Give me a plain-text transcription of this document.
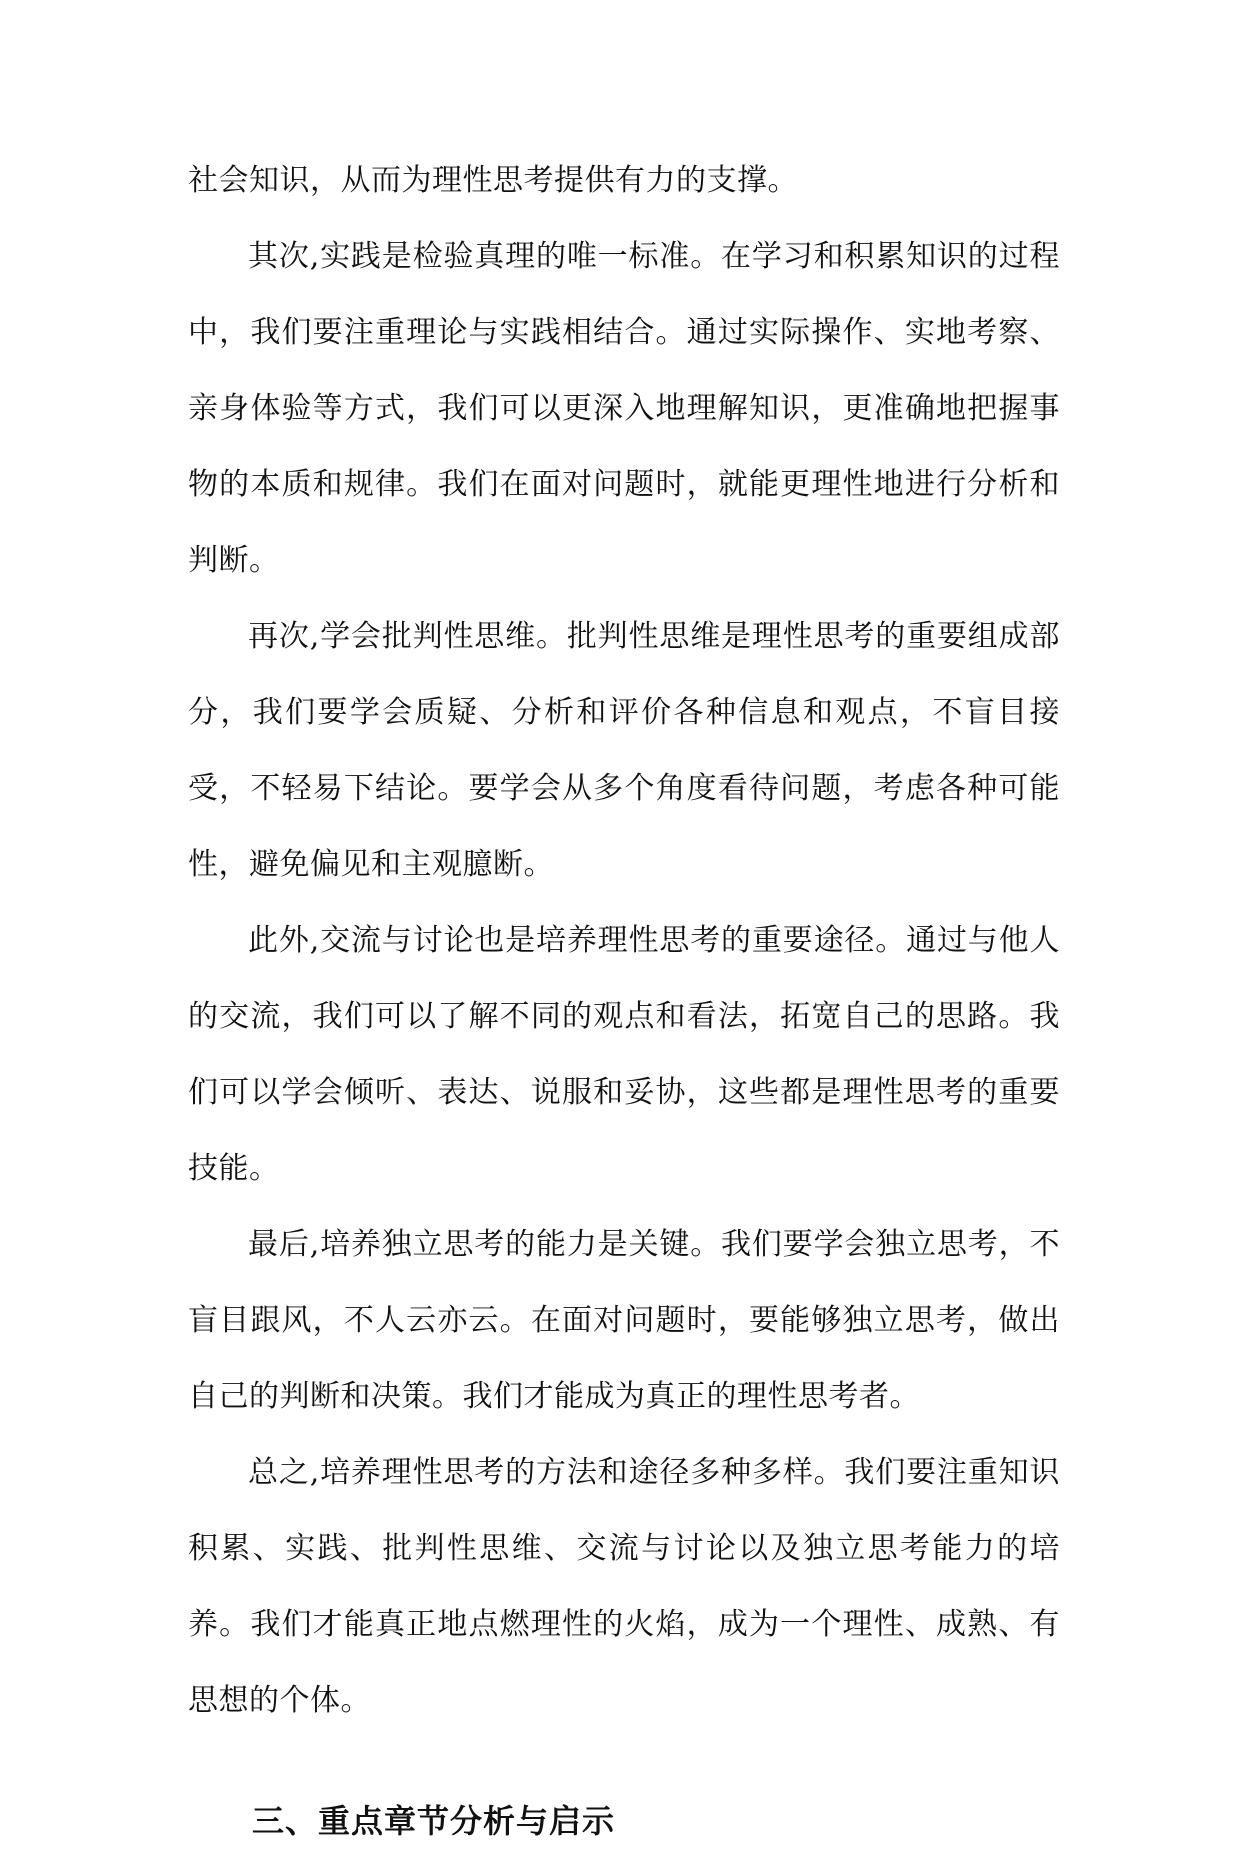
社会知识，从而为理性思考提供有力的支撑。

其次,实践是检验真理的唯一标准。在学习和积累知识的过程中，我们要注重理论与实践相结合。通过实际操作、实地考察、亲身体验等方式，我们可以更深入地理解知识，更准确地把握事物的本质和规律。我们在面对问题时，就能更理性地进行分析和判断。

再次,学会批判性思维。批判性思维是理性思考的重要组成部分，我们要学会质疑、分析和评价各种信息和观点，不盲目接受，不轻易下结论。要学会从多个角度看待问题，考虑各种可能性，避免偏见和主观臆断。

此外,交流与讨论也是培养理性思考的重要途径。通过与他人的交流，我们可以了解不同的观点和看法，拓宽自己的思路。我们可以学会倾听、表达、说服和妥协，这些都是理性思考的重要技能。

最后,培养独立思考的能力是关键。我们要学会独立思考，不盲目跟风，不人云亦云。在面对问题时，要能够独立思考，做出自己的判断和决策。我们才能成为真正的理性思考者。

总之,培养理性思考的方法和途径多种多样。我们要注重知识积累、实践、批判性思维、交流与讨论以及独立思考能力的培养。我们才能真正地点燃理性的火焰，成为一个理性、成熟、有思想的个体。

三、重点章节分析与启示
